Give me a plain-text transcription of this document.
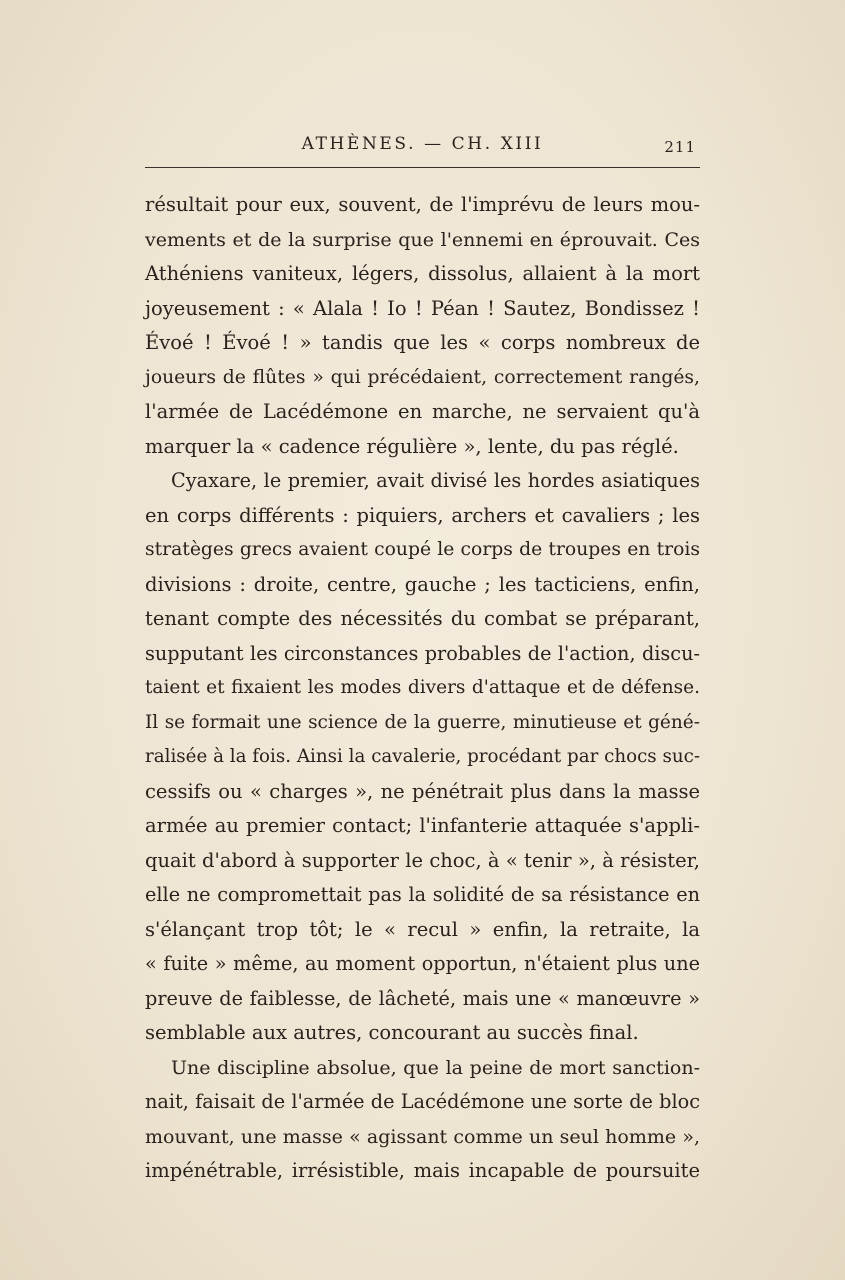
ATHÈNES. — CH. XIII	211
résultait pour eux, souvent, de l'imprévu de leurs mou-
vements et de la surprise que l'ennemi en éprouvait. Ces
Athéniens vaniteux, légers, dissolus, allaient à la mort
joyeusement : « Alala ! Io ! Péan ! Sautez, Bondissez !
Évoé ! Évoé ! » tandis que les « corps nombreux de
joueurs de flûtes » qui précédaient, correctement rangés,
l'armée de Lacédémone en marche, ne servaient qu'à
marquer la « cadence régulière », lente, du pas réglé.
Cyaxare, le premier, avait divisé les hordes asiatiques
en corps différents : piquiers, archers et cavaliers ; les
stratèges grecs avaient coupé le corps de troupes en trois
divisions : droite, centre, gauche ; les tacticiens, enfin,
tenant compte des nécessités du combat se préparant,
supputant les circonstances probables de l'action, discu-
taient et fixaient les modes divers d'attaque et de défense.
Il se formait une science de la guerre, minutieuse et géné-
ralisée à la fois. Ainsi la cavalerie, procédant par chocs suc-
cessifs ou « charges », ne pénétrait plus dans la masse
armée au premier contact; l'infanterie attaquée s'appli-
quait d'abord à supporter le choc, à « tenir », à résister,
elle ne compromettait pas la solidité de sa résistance en
s'élançant trop tôt; le « recul » enfin, la retraite, la
« fuite » même, au moment opportun, n'étaient plus une
preuve de faiblesse, de lâcheté, mais une « manœuvre »
semblable aux autres, concourant au succès final.
Une discipline absolue, que la peine de mort sanction-
nait, faisait de l'armée de Lacédémone une sorte de bloc
mouvant, une masse « agissant comme un seul homme »,
impénétrable, irrésistible, mais incapable de poursuite
